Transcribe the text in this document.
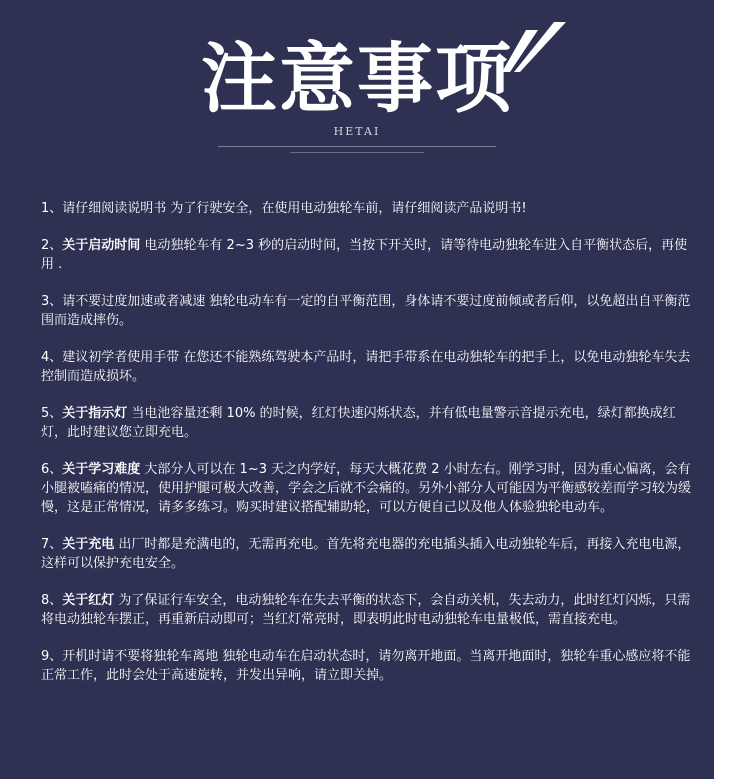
注意事项
HETAI
1、请仔细阅读说明书 为了行驶安全，在使用电动独轮车前，请仔细阅读产品说明书!
2、关于启动时间 电动独轮车有 2~3 秒的启动时间，当按下开关时，请等待电动独轮车进入自平衡状态后，再使用 .
3、请不要过度加速或者减速 独轮电动车有一定的自平衡范围，身体请不要过度前倾或者后仰，以免超出自平衡范围而造成摔伤。
4、建议初学者使用手带 在您还不能熟练驾驶本产品时，请把手带系在电动独轮车的把手上，以免电动独轮车失去控制而造成损坏。
5、关于指示灯 当电池容量还剩 10% 的时候，红灯快速闪烁状态，并有低电量警示音提示充电，绿灯都换成红灯，此时建议您立即充电。
6、关于学习难度 大部分人可以在 1~3 天之内学好，每天大概花费 2 小时左右。刚学习时，因为重心偏离，会有小腿被嗑痛的情况，使用护腿可极大改善，学会之后就不会痛的。另外小部分人可能因为平衡感较差而学习较为缓慢，这是正常情况，请多多练习。购买时建议搭配辅助轮，可以方便自己以及他人体验独轮电动车。
7、关于充电 出厂时都是充满电的，无需再充电。首先将充电器的充电插头插入电动独轮车后，再接入充电电源，这样可以保护充电安全。
8、关于红灯 为了保证行车安全，电动独轮车在失去平衡的状态下，会自动关机，失去动力，此时红灯闪烁，只需将电动独轮车摆正，再重新启动即可；当红灯常亮时，即表明此时电动独轮车电量极低，需直接充电。
9、开机时请不要将独轮车离地 独轮电动车在启动状态时，请勿离开地面。当离开地面时，独轮车重心感应将不能正常工作，此时会处于高速旋转，并发出异响，请立即关掉。
